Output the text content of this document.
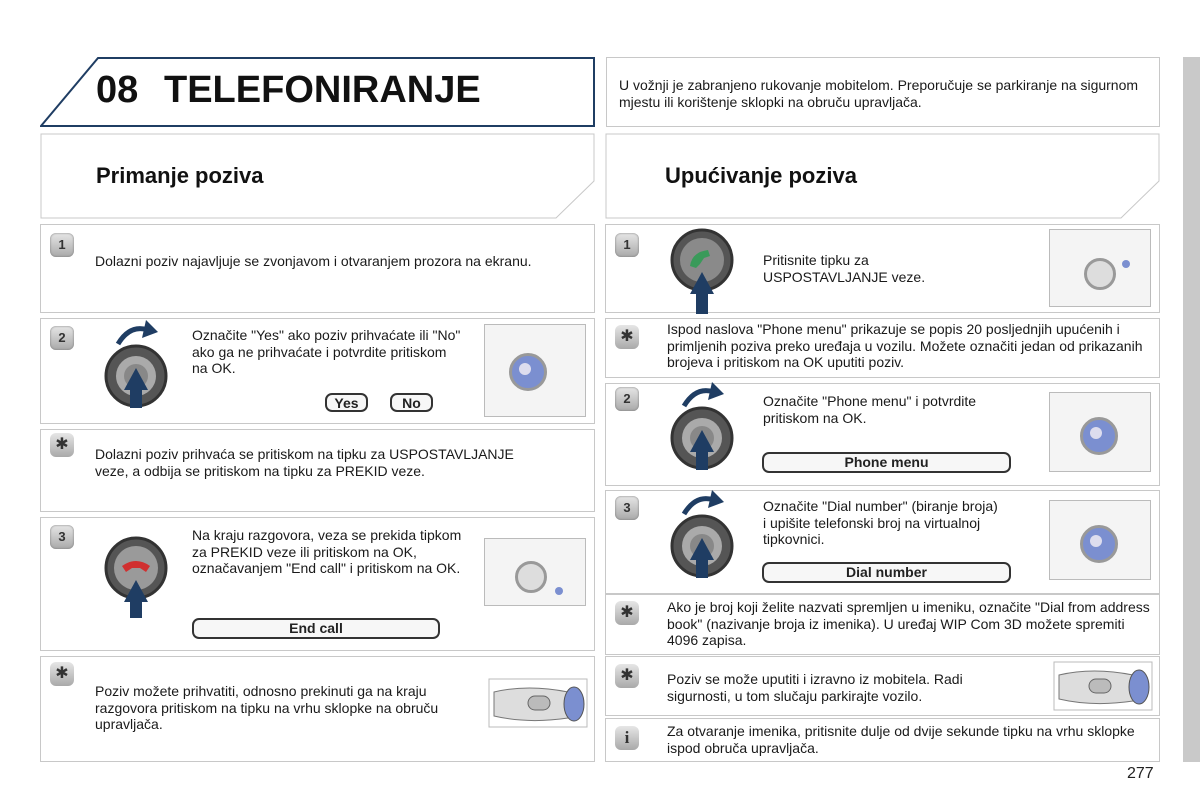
08 TELEFONIRANJE	U vožnji je zabranjeno rukovanje mobitelom. Preporučuje se parkiranje na sigurnom mjestu ili korištenje sklopki na obruču upravljača.
Primanje poziva	Upućivanje poziva
1
Dolazni poziv najavljuje se zvonjavom i otvaranjem prozora na ekranu.
2	Označite "Yes" ako poziv prihvaćate ili "No" ako ga ne prihvaćate i potvrdite pritiskom na OK.
Yes	No
✱
Dolazni poziv prihvaća se pritiskom na tipku za USPOSTAVLJANJE veze, a odbija se pritiskom na tipku za PREKID veze.
3	Na kraju razgovora, veza se prekida tipkom za PREKID veze ili pritiskom na OK, označavanjem "End call" i pritiskom na OK.
End call
✱
Poziv možete prihvatiti, odnosno prekinuti ga na kraju razgovora pritiskom na tipku na vrhu sklopke na obruču upravljača.
1
Pritisnite tipku za USPOSTAVLJANJE veze.
✱	Ispod naslova "Phone menu" prikazuje se popis 20 posljednjih upućenih i primljenih poziva preko uređaja u vozilu. Možete označiti jedan od prikazanih brojeva i pritiskom na OK uputiti poziv.
2	Označite "Phone menu" i potvrdite pritiskom na OK.
Phone menu
3	Označite "Dial number" (biranje broja) i upišite telefonski broj na virtualnoj tipkovnici.
Dial number
✱	Ako je broj koji želite nazvati spremljen u imeniku, označite "Dial from address book" (nazivanje broja iz imenika). U uređaj WIP Com 3D možete spremiti 4096 zapisa.
✱	Poziv se može uputiti i izravno iz mobitela. Radi sigurnosti, u tom slučaju parkirajte vozilo.
i	Za otvaranje imenika, pritisnite dulje od dvije sekunde tipku na vrhu sklopke ispod obruča upravljača.
277
